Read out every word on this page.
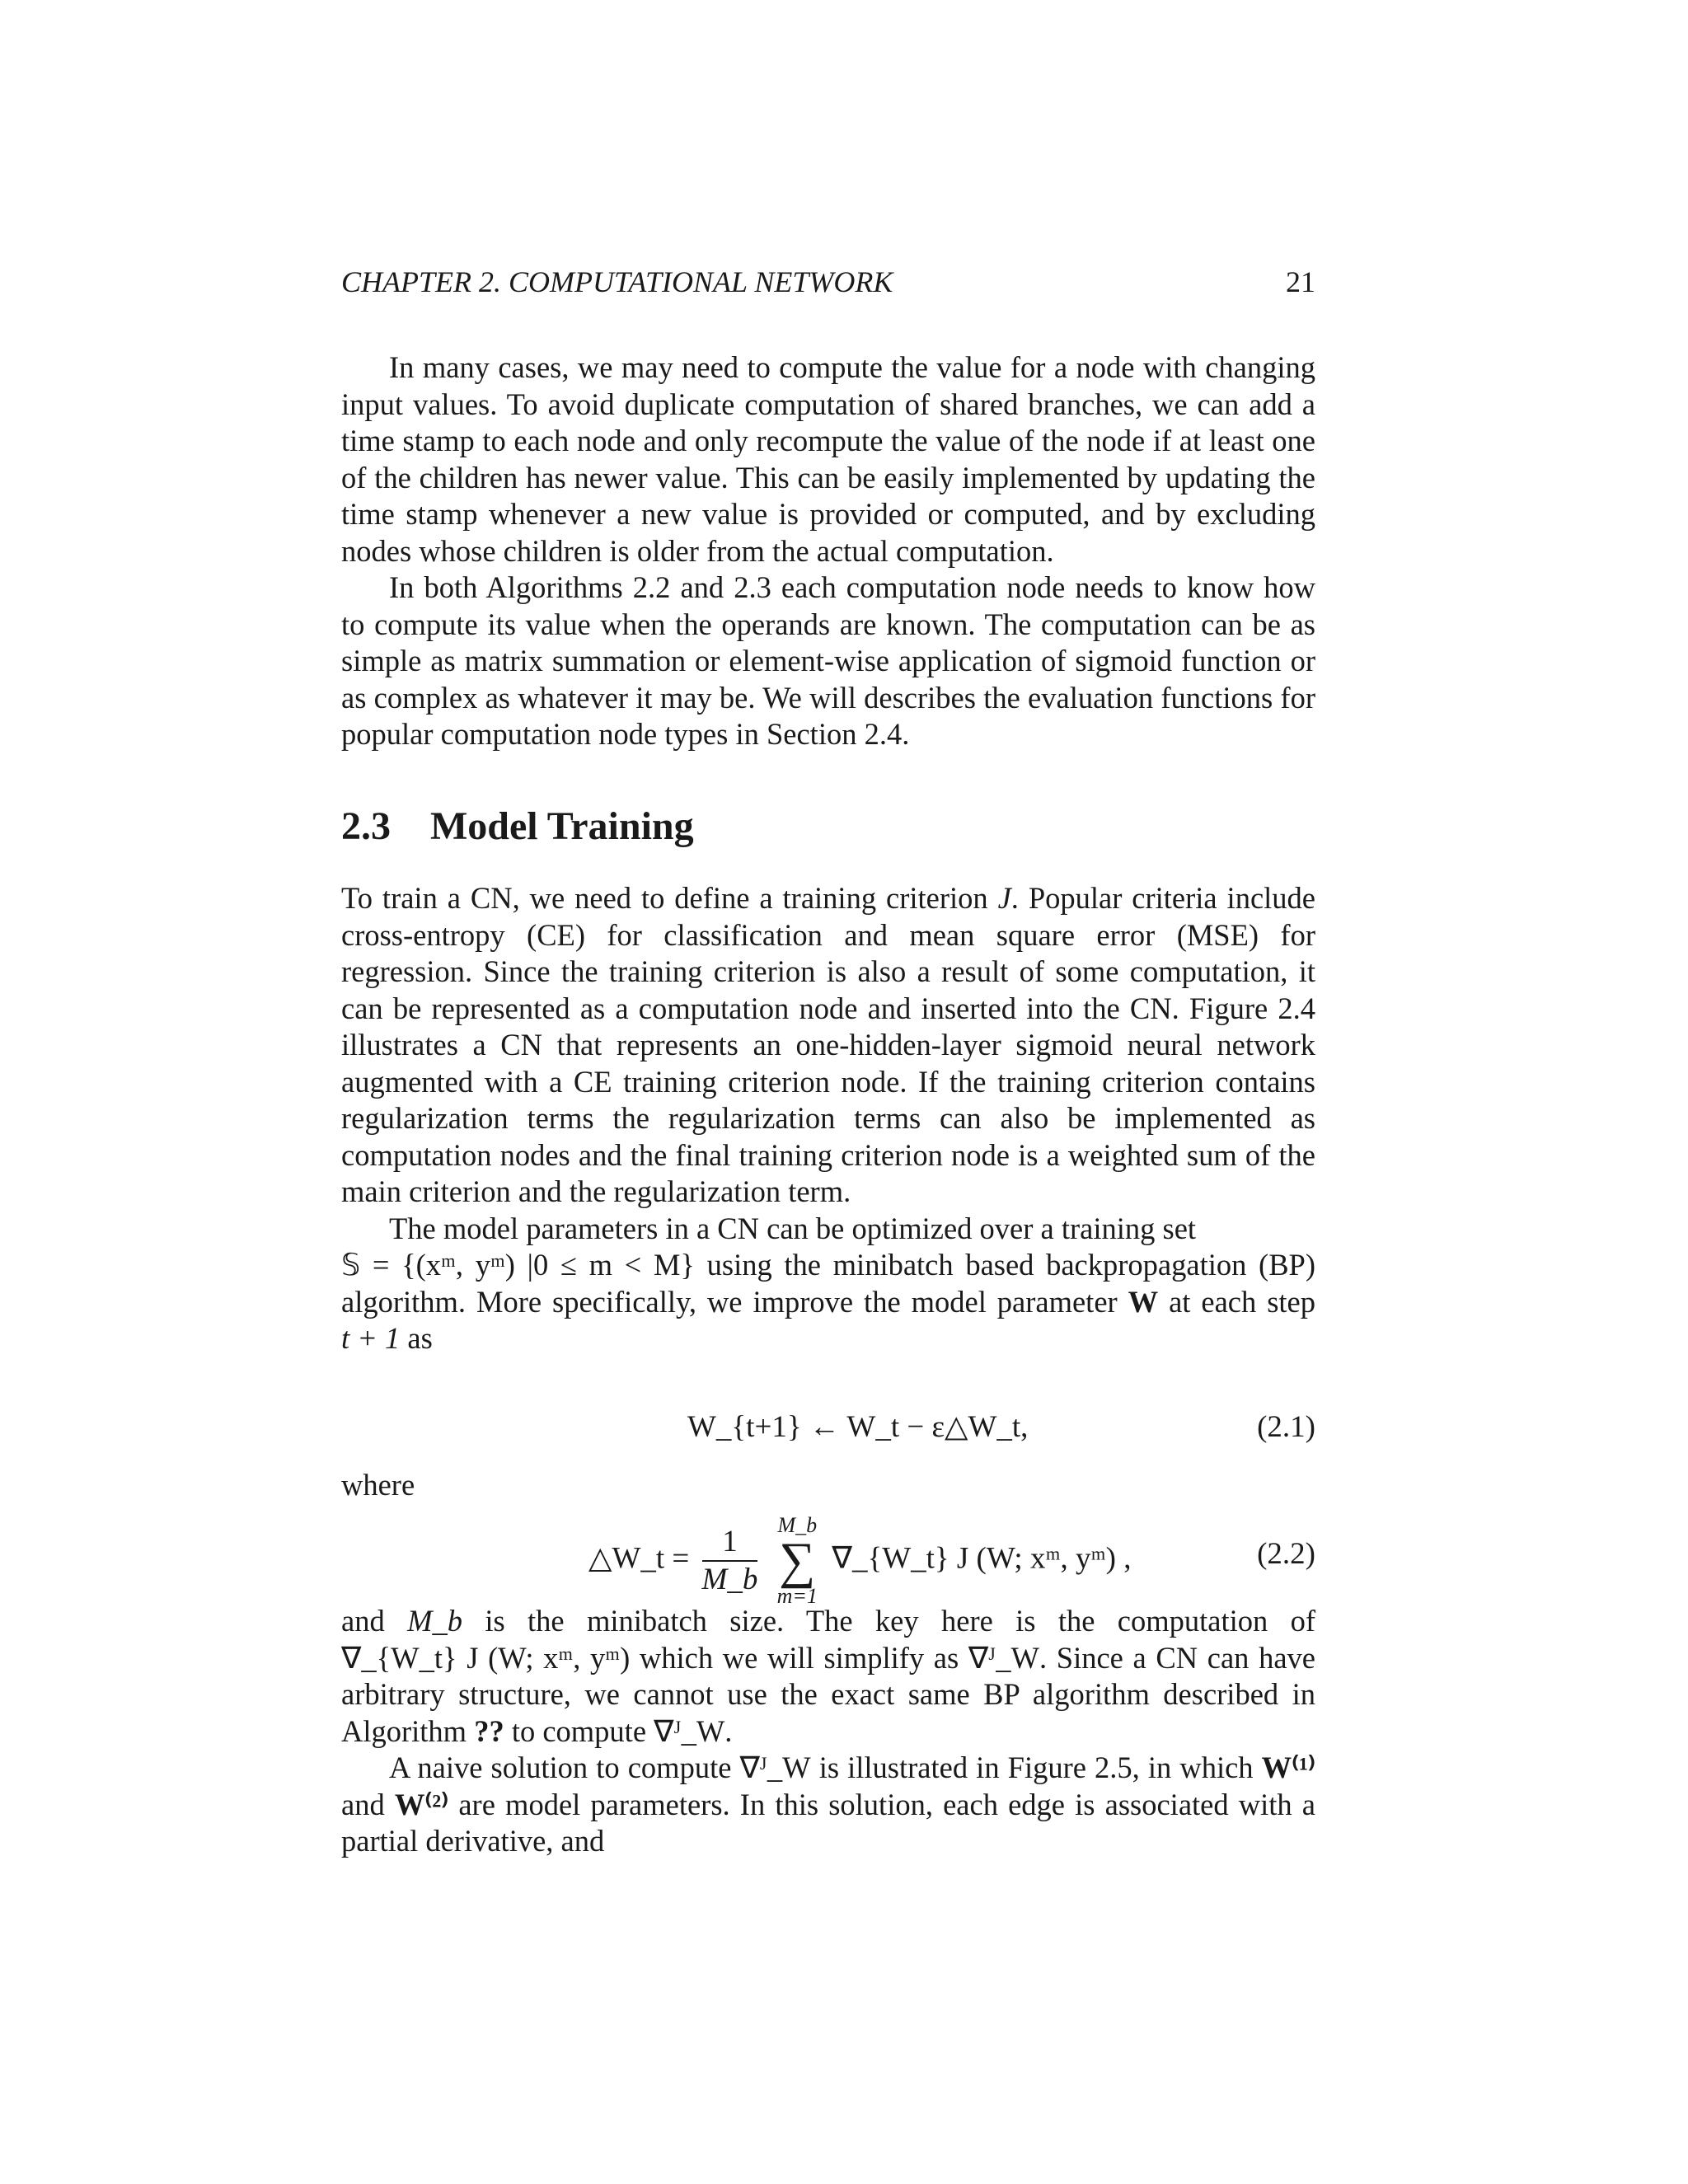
CHAPTER 2. COMPUTATIONAL NETWORK	21

In many cases, we may need to compute the value for a node with changing input values. To avoid duplicate computation of shared branches, we can add a time stamp to each node and only recompute the value of the node if at least one of the children has newer value. This can be easily implemented by updating the time stamp whenever a new value is provided or computed, and by excluding nodes whose children is older from the actual computation.

In both Algorithms 2.2 and 2.3 each computation node needs to know how to compute its value when the operands are known. The computation can be as simple as matrix summation or element-wise application of sigmoid function or as complex as whatever it may be. We will describes the evaluation functions for popular computation node types in Section 2.4.

2.3 Model Training

To train a CN, we need to define a training criterion J. Popular criteria include cross-entropy (CE) for classification and mean square error (MSE) for regression. Since the training criterion is also a result of some computation, it can be represented as a computation node and inserted into the CN. Figure 2.4 illustrates a CN that represents an one-hidden-layer sigmoid neural network augmented with a CE training criterion node. If the training criterion contains regularization terms the regularization terms can also be implemented as computation nodes and the final training criterion node is a weighted sum of the main criterion and the regularization term.

The model parameters in a CN can be optimized over a training set
𝕊 = {(xᵐ, yᵐ) |0 ≤ m < M} using the minibatch based backpropagation (BP) algorithm. More specifically, we improve the model parameter W at each step t + 1 as

W_{t+1} ← W_t − ε△W_t,	(2.1)

where

△W_t = $\frac{1}{M\_b}$
M_b
∑
m=1
∇_{W_t} J (W; xᵐ, yᵐ) ,	(2.2)

and M_b is the minibatch size. The key here is the computation of ∇_{W_t} J (W; xᵐ, yᵐ) which we will simplify as ∇ᴶ_W. Since a CN can have arbitrary structure, we cannot use the exact same BP algorithm described in Algorithm ?? to compute ∇ᴶ_W.

A naive solution to compute ∇ᴶ_W is illustrated in Figure 2.5, in which W⁽¹⁾ and W⁽²⁾ are model parameters. In this solution, each edge is associated with a partial derivative, and
